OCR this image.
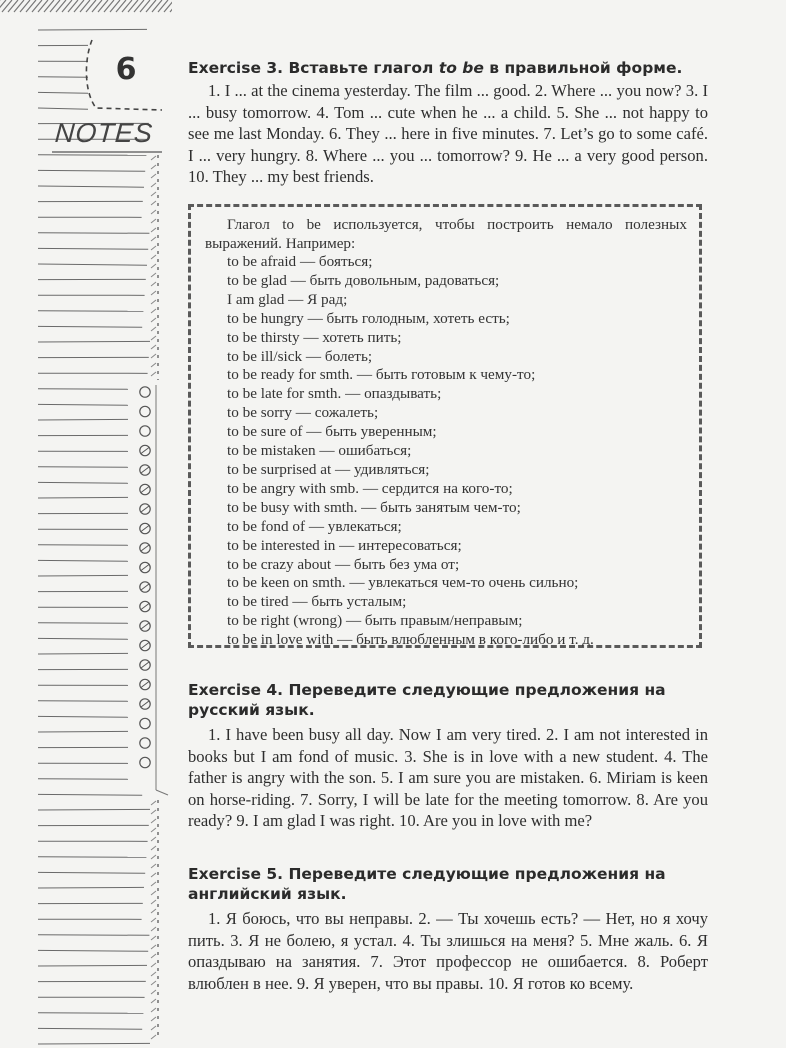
6
NOTES
Exercise 3. Вставьте глагол to be в правильной форме.

1. I ... at the cinema yesterday. The film ... good. 2. Where ... you now? 3. I ... busy tomorrow. 4. Tom ... cute when he ... a child. 5. She ... not happy to see me last Monday. 6. They ... here in five minutes. 7. Let’s go to some café. I ... very hungry. 8. Where ... you ... tomorrow? 9. He ... a very good person. 10. They ... my best friends.

Глагол to be используется, чтобы построить немало полезных выражений. Например:

to be afraid — бояться;
to be glad — быть довольным, радоваться;
I am glad — Я рад;
to be hungry — быть голодным, хотеть есть;
to be thirsty — хотеть пить;
to be ill/sick — болеть;
to be ready for smth. — быть готовым к чему-то;
to be late for smth. — опаздывать;
to be sorry — сожалеть;
to be sure of — быть уверенным;
to be mistaken — ошибаться;
to be surprised at — удивляться;
to be angry with smb. — сердится на кого-то;
to be busy with smth. — быть занятым чем-то;
to be fond of — увлекаться;
to be interested in — интересоваться;
to be crazy about — быть без ума от;
to be keen on smth. — увлекаться чем-то очень сильно;
to be tired — быть усталым;
to be right (wrong) — быть правым/неправым;
to be in love with — быть влюбленным в кого-либо и т. д.
Exercise 4. Переведите следующие предложения на русский язык.

1. I have been busy all day. Now I am very tired. 2. I am not interested in books but I am fond of music. 3. She is in love with a new student. 4. The father is angry with the son. 5. I am sure you are mistaken. 6. Miriam is keen on horse-riding. 7. Sorry, I will be late for the meeting tomorrow. 8. Are you ready? 9. I am glad I was right. 10. Are you in love with me?

Exercise 5. Переведите следующие предложения на английский язык.

1. Я боюсь, что вы неправы. 2. — Ты хочешь есть? — Нет, но я хочу пить. 3. Я не болею, я устал. 4. Ты злишься на меня? 5. Мне жаль. 6. Я опаздываю на занятия. 7. Этот профессор не ошибается. 8. Роберт влюблен в нее. 9. Я уверен, что вы правы. 10. Я готов ко всему.
